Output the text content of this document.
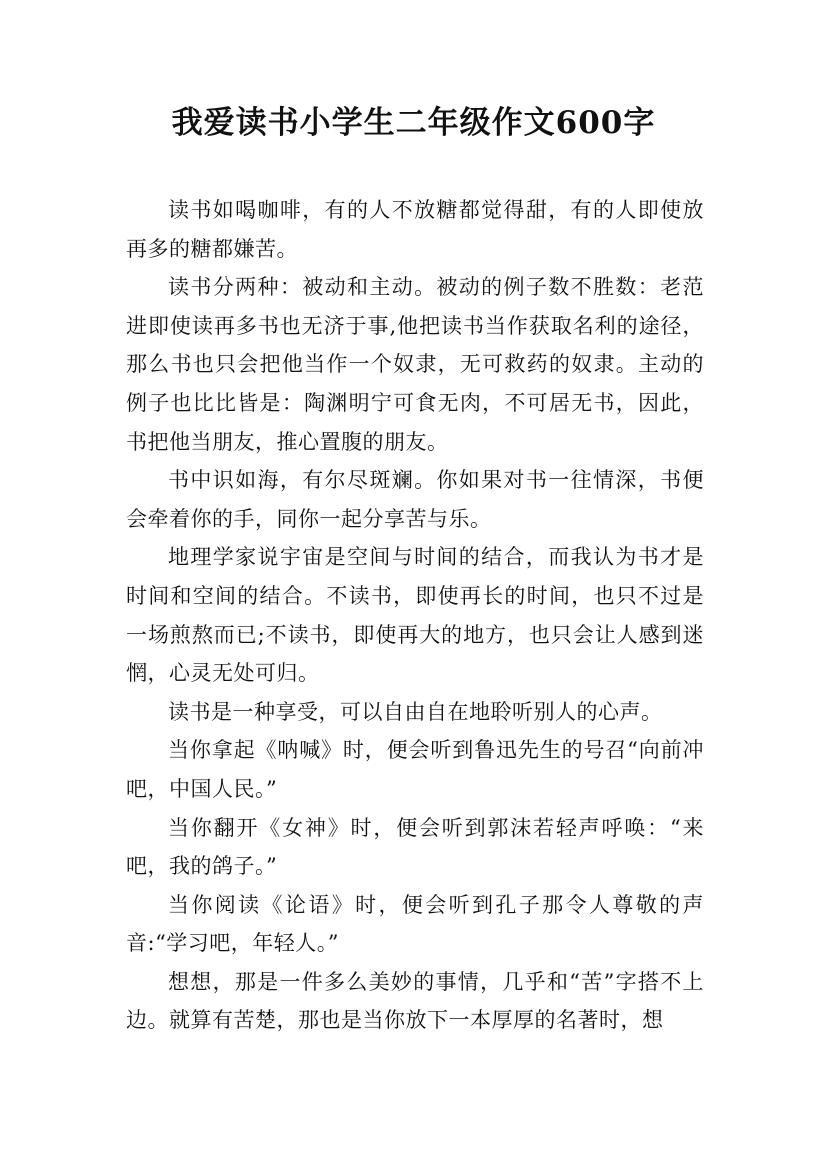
我爱读书小学生二年级作文600字

读书如喝咖啡，有的人不放糖都觉得甜，有的人即使放再多的糖都嫌苦。

读书分两种：被动和主动。被动的例子数不胜数：老范进即使读再多书也无济于事,他把读书当作获取名利的途径，那么书也只会把他当作一个奴隶，无可救药的奴隶。主动的例子也比比皆是：陶渊明宁可食无肉，不可居无书，因此，书把他当朋友，推心置腹的朋友。

书中识如海，有尔尽斑斓。你如果对书一往情深，书便会牵着你的手，同你一起分享苦与乐。

地理学家说宇宙是空间与时间的结合，而我认为书才是时间和空间的结合。不读书，即使再长的时间，也只不过是一场煎熬而已;不读书，即使再大的地方，也只会让人感到迷惘，心灵无处可归。

读书是一种享受，可以自由自在地聆听别人的心声。

当你拿起《呐喊》时，便会听到鲁迅先生的号召“向前冲吧，中国人民。”

当你翻开《女神》时，便会听到郭沫若轻声呼唤：“来吧，我的鸽子。”

当你阅读《论语》时，便会听到孔子那令人尊敬的声音:“学习吧，年轻人。”

想想，那是一件多么美妙的事情，几乎和“苦”字搭不上边。就算有苦楚，那也是当你放下一本厚厚的名著时，想
